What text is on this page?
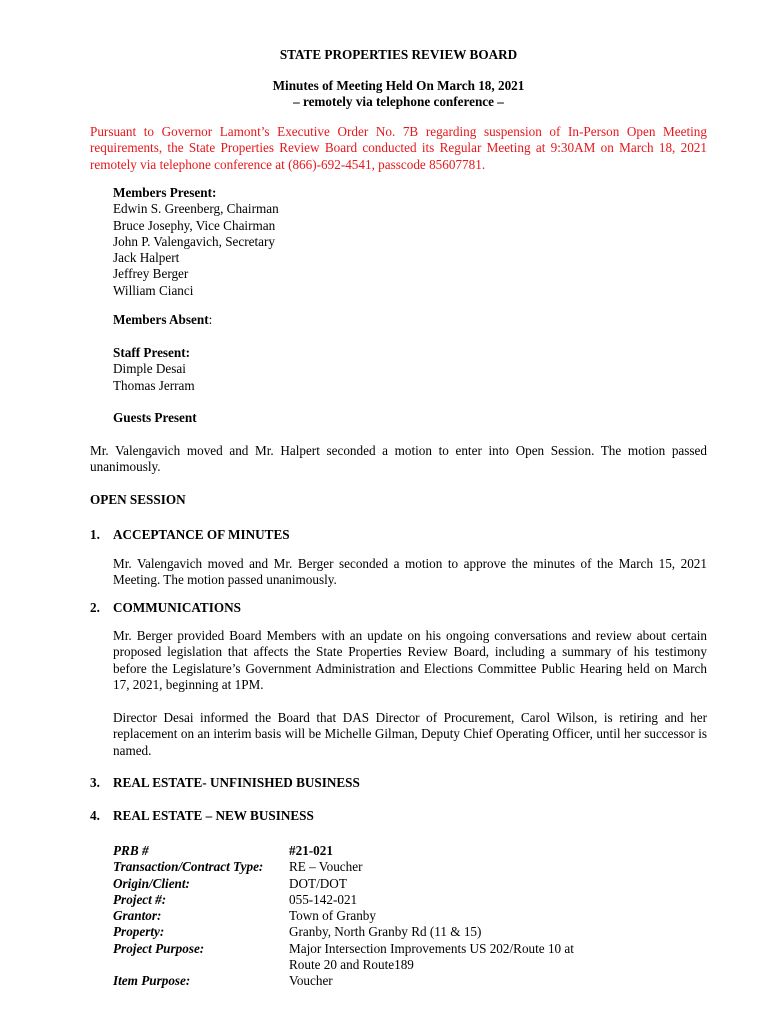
STATE PROPERTIES REVIEW BOARD
Minutes of Meeting Held On March 18, 2021
– remotely via telephone conference –
Pursuant to Governor Lamont’s Executive Order No. 7B regarding suspension of In-Person Open Meeting requirements, the State Properties Review Board conducted its Regular Meeting at 9:30AM on March 18, 2021 remotely via telephone conference at (866)-692-4541, passcode 85607781.
Members Present:
Edwin S. Greenberg, Chairman
Bruce Josephy, Vice Chairman
John P. Valengavich, Secretary
Jack Halpert
Jeffrey Berger
William Cianci
Members Absent:
Staff Present:
Dimple Desai
Thomas Jerram
Guests Present
Mr. Valengavich moved and Mr. Halpert seconded a motion to enter into Open Session. The motion passed unanimously.
OPEN SESSION
1. ACCEPTANCE OF MINUTES
Mr. Valengavich moved and Mr. Berger seconded a motion to approve the minutes of the March 15, 2021 Meeting. The motion passed unanimously.
2. COMMUNICATIONS
Mr. Berger provided Board Members with an update on his ongoing conversations and review about certain proposed legislation that affects the State Properties Review Board, including a summary of his testimony before the Legislature’s Government Administration and Elections Committee Public Hearing held on March 17, 2021, beginning at 1PM.
Director Desai informed the Board that DAS Director of Procurement, Carol Wilson, is retiring and her replacement on an interim basis will be Michelle Gilman, Deputy Chief Operating Officer, until her successor is named.
3. REAL ESTATE- UNFINISHED BUSINESS
4. REAL ESTATE – NEW BUSINESS
PRB #	#21-021
Transaction/Contract Type: RE – Voucher
Origin/Client:	DOT/DOT
Project #:	055-142-021
Grantor:	Town of Granby
Property:	Granby, North Granby Rd (11 & 15)
Project Purpose:	Major Intersection Improvements US 202/Route 10 at
Route 20 and Route189
Item Purpose:	Voucher
